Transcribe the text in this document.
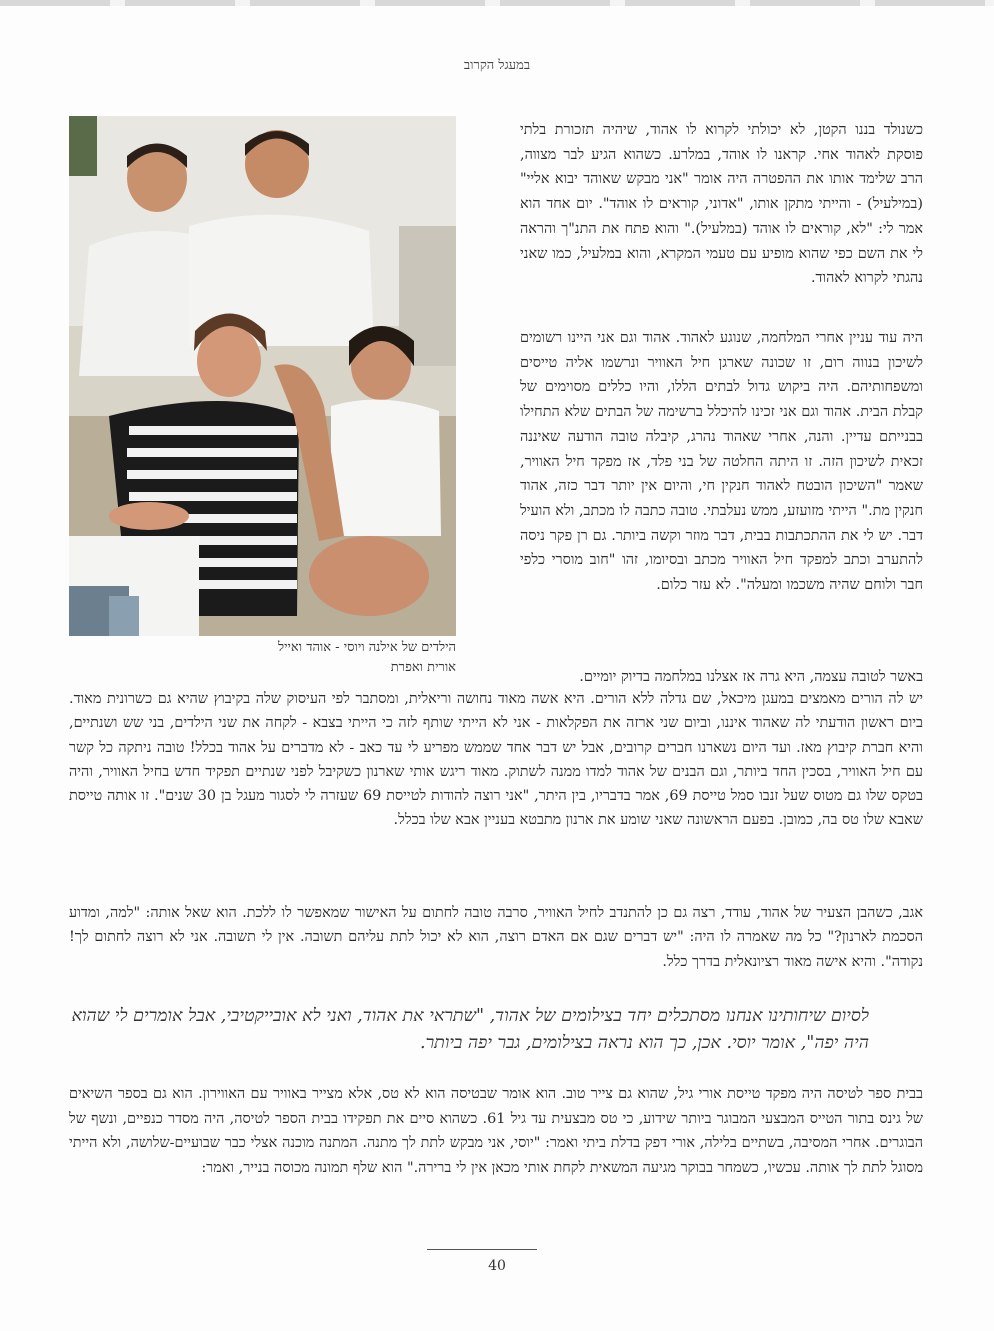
במעגל הקרוב
הילדים של אילנה ויוסי - אוהד ואייל
אורית ואפרת

כשנולד בננו הקטן, לא יכולתי לקרוא לו אהוד, שיהיה תזכורת בלתי פוסקת לאהוד אחי. קראנו לו אוהד, במלרע. כשהוא הגיע לבר מצווה, הרב שלימד אותו את ההפטרה היה אומר "אני מבקש שאוהד יבוא אליי" (במילעיל) - והייתי מתקן אותו, "אדוני, קוראים לו אוהד". יום אחד הוא אמר לי: "לא, קוראים לו אוהד (במלעיל)." והוא פתח את התנ"ך והראה לי את השם כפי שהוא מופיע עם טעמי המקרא, והוא במלעיל, כמו שאני נהגתי לקרוא לאהוד.

היה עוד עניין אחרי המלחמה, שנוגע לאהוד. אהוד וגם אני היינו רשומים לשיכון בנווה רום, זו שכונה שארגן חיל האוויר ונרשמו אליה טייסים ומשפחותיהם. היה ביקוש גדול לבתים הללו, והיו כללים מסוימים של קבלת הבית. אהוד וגם אני זכינו להיכלל ברשימה של הבתים שלא התחילו בבנייתם עדיין. והנה, אחרי שאהוד נהרג, קיבלה טובה הודעה שאיננה זכאית לשיכון הזה. זו היתה החלטה של בני פלד, אז מפקד חיל האוויר, שאמר "השיכון הובטח לאהוד חנקין חי, והיום אין יותר דבר כזה, אהוד חנקין מת." הייתי מזועזע, ממש נעלבתי. טובה כתבה לו מכתב, ולא הועיל דבר. יש לי את ההתכתבות בבית, דבר מוזר וקשה ביותר. גם רן פקר ניסה להתערב וכתב למפקד חיל האוויר מכתב ובסיומו, זהו "חוב מוסרי כלפי חבר ולוחם שהיה משכמו ומעלה". לא עזר כלום.

באשר לטובה עצמה, היא גרה אז אצלנו במלחמה בדיוק יומיים.

יש לה הורים מאמצים במעגן מיכאל, שם גדלה ללא הורים. היא אשה מאוד נחושה וריאלית, ומסתבר לפי העיסוק שלה בקיבוץ שהיא גם כשרונית מאוד. ביום ראשון הודעתי לה שאהוד איננו, וביום שני ארזה את הפקלאות - אני לא הייתי שותף לזה כי הייתי בצבא - לקחה את שני הילדים, בני שש ושנתיים, והיא חברת קיבוץ מאז. ועד היום נשארנו חברים קרובים, אבל יש דבר אחד שממש מפריע לי עד כאב - לא מדברים על אהוד בכלל! טובה ניתקה כל קשר עם חיל האוויר, בסכין החד ביותר, וגם הבנים של אהוד למדו ממנה לשתוק. מאוד ריגש אותי שארנון כשקיבל לפני שנתיים תפקיד חדש בחיל האוויר, והיה בטקס שלו גם מטוס שעל זנבו סמל טייסת 69, אמר בדבריו, בין היתר, "אני רוצה להודות לטייסת 69 שעזרה לי לסגור מעגל בן 30 שנים". זו אותה טייסת שאבא שלו טס בה, כמובן. בפעם הראשונה שאני שומע את ארנון מתבטא בעניין אבא שלו בכלל.

אגב, כשהבן הצעיר של אהוד, עודד, רצה גם כן להתנדב לחיל האוויר, סרבה טובה לחתום על האישור שמאפשר לו ללכת. הוא שאל אותה: "למה, ומדוע הסכמת לארנון?" כל מה שאמרה לו היה: "יש דברים שגם אם האדם רוצה, הוא לא יכול לתת עליהם תשובה. אין לי תשובה. אני לא רוצה לחתום לך! נקודה". והיא אישה מאוד רציונאלית בדרך כלל.

לסיום שיחותינו אנחנו מסתכלים יחד בצילומים של אהוד, "שתראי את אהוד, ואני לא אובייקטיבי, אבל אומרים לי שהוא היה יפה", אומר יוסי. אכן, כך הוא נראה בצילומים, גבר יפה ביותר.

בבית ספר לטיסה היה מפקד טייסת אורי גיל, שהוא גם צייר טוב. הוא אומר שבטיסה הוא לא טס, אלא מצייר באוויר עם האווירון. הוא גם בספר השיאים של גינס בתור הטייס המבצעי המבוגר ביותר שידוע, כי טס מבצעית עד גיל 61. כשהוא סיים את תפקידו בבית הספר לטיסה, היה מסדר כנפיים, ונשף של הבוגרים. אחרי המסיבה, בשתיים בלילה, אורי דפק בדלת ביתי ואמר: "יוסי, אני מבקש לתת לך מתנה. המתנה מוכנה אצלי כבר שבועיים-שלושה, ולא הייתי מסוגל לתת לך אותה. עכשיו, כשמחר בבוקר מגיעה המשאית לקחת אותי מכאן אין לי ברירה." הוא שלף תמונה מכוסה בנייר, ואמר:

40
